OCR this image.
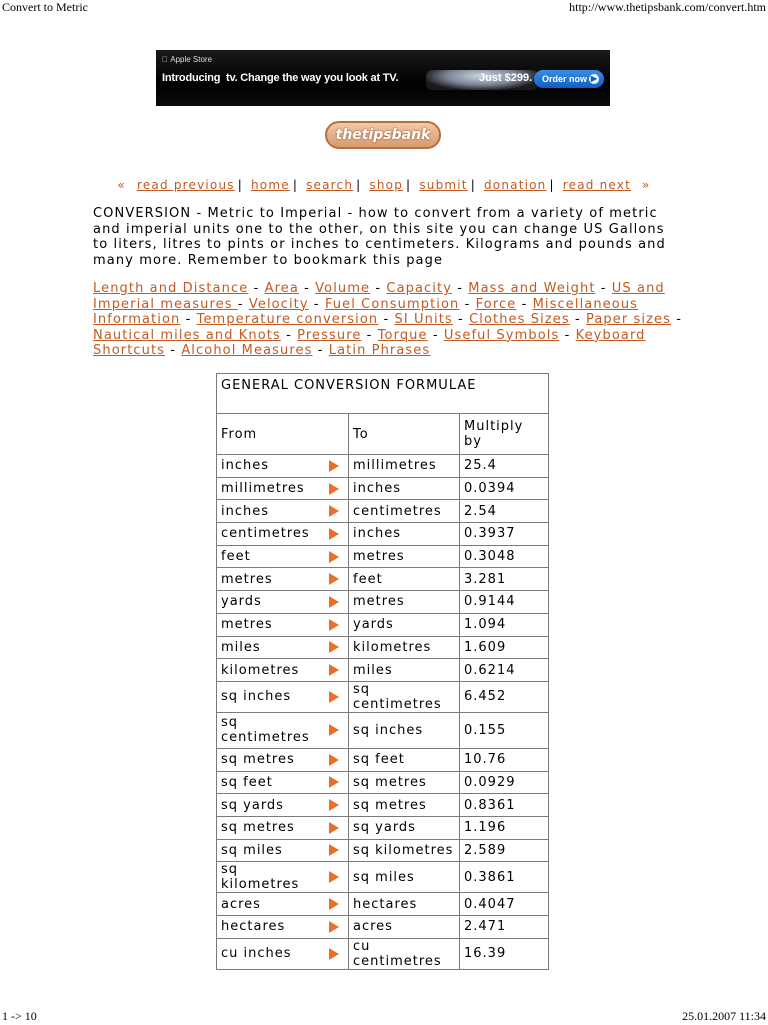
Convert to Metric	http://www.thetipsbank.com/convert.htm
Apple Store
Introducing  tv. Change the way you look at TV.	Just $299.	Order now ▶
thetipsbank
« read previous | home | search | shop | submit | donation | read next »
CONVERSION - Metric to Imperial - how to convert from a variety of metric and imperial units one to the other, on this site you can change US Gallons to liters, litres to pints or inches to centimeters. Kilograms and pounds and many more. Remember to bookmark this page
Length and Distance - Area - Volume - Capacity - Mass and Weight - US and Imperial measures - Velocity - Fuel Consumption - Force - Miscellaneous Information - Temperature conversion - SI Units - Clothes Sizes - Paper sizes - Nautical miles and Knots - Pressure - Torque - Useful Symbols - Keyboard Shortcuts - Alcohol Measures - Latin Phrases
GENERAL CONVERSION FORMULAE			
From		To	Multiply by
inches		millimetres	25.4
millimetres		inches	0.0394
inches		centimetres	2.54
centimetres		inches	0.3937
feet		metres	0.3048
metres		feet	3.281
yards		metres	0.9144
metres		yards	1.094
miles		kilometres	1.609
kilometres		miles	0.6214
sq inches		sq centimetres	6.452
sq centimetres		sq inches	0.155
sq metres		sq feet	10.76
sq feet		sq metres	0.0929
sq yards		sq metres	0.8361
sq metres		sq yards	1.196
sq miles		sq kilometres	2.589
sq kilometres		sq miles	0.3861
acres		hectares	0.4047
hectares		acres	2.471
cu inches		cu centimetres	16.39
1 -> 10	25.01.2007 11:34
